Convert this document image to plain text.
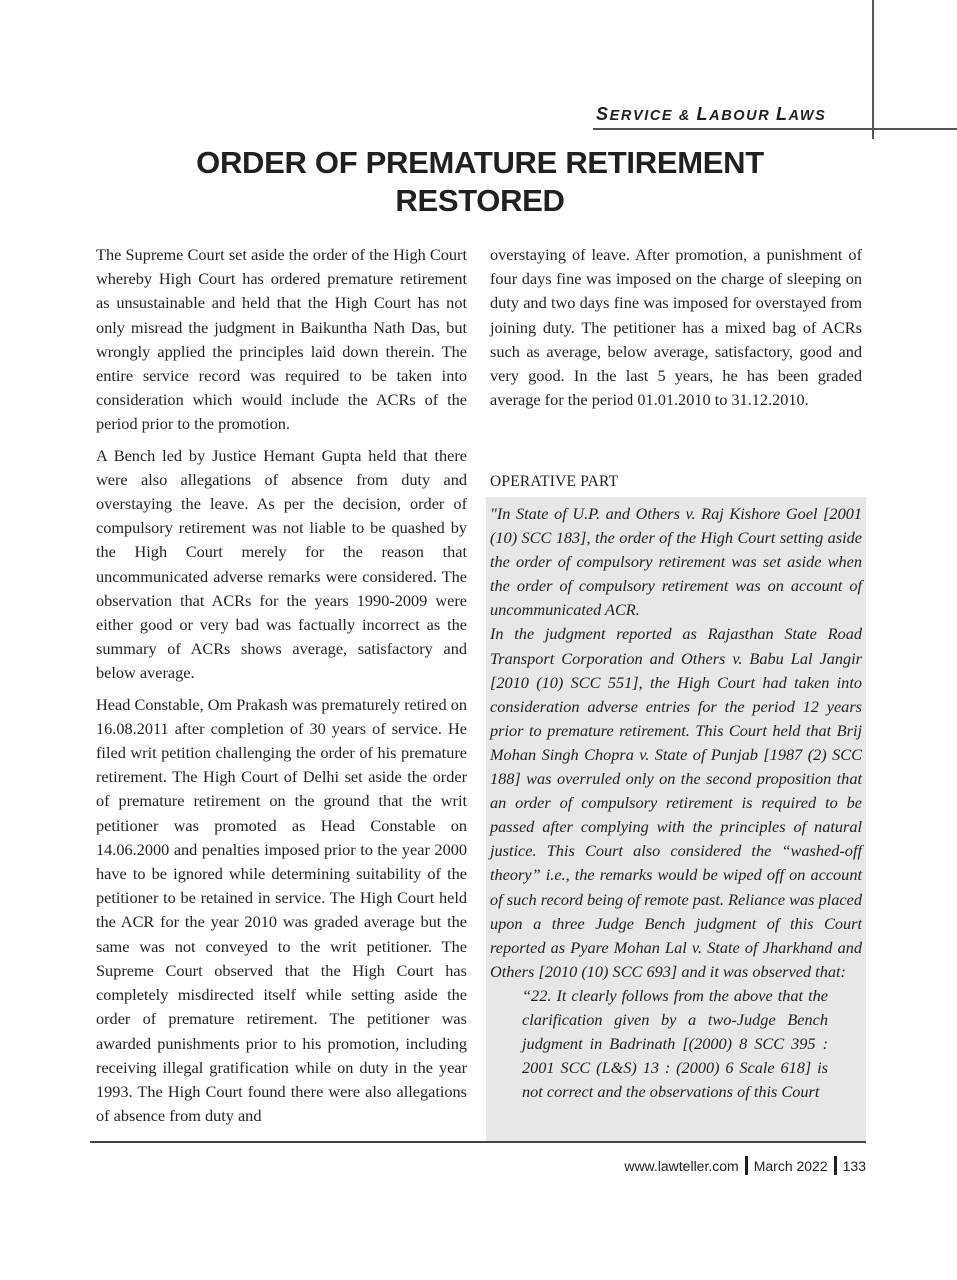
SERVICE & LABOUR LAWS
ORDER OF PREMATURE RETIREMENT
RESTORED

The Supreme Court set aside the order of the High Court whereby High Court has ordered premature retirement as unsustainable and held that the High Court has not only misread the judgment in Baikuntha Nath Das, but wrongly applied the principles laid down therein. The entire service record was required to be taken into consideration which would include the ACRs of the period prior to the promotion.

A Bench led by Justice Hemant Gupta held that there were also allegations of absence from duty and overstaying the leave. As per the decision, order of compulsory retirement was not liable to be quashed by the High Court merely for the reason that uncommunicated adverse remarks were considered. The observation that ACRs for the years 1990-2009 were either good or very bad was factually incorrect as the summary of ACRs shows average, satisfactory and below average.

Head Constable, Om Prakash was prematurely retired on 16.08.2011 after completion of 30 years of service. He filed writ petition challenging the order of his premature retirement. The High Court of Delhi set aside the order of premature retirement on the ground that the writ petitioner was promoted as Head Constable on 14.06.2000 and penalties imposed prior to the year 2000 have to be ignored while determining suitability of the petitioner to be retained in service. The High Court held the ACR for the year 2010 was graded average but the same was not conveyed to the writ petitioner. The Supreme Court observed that the High Court has completely misdirected itself while setting aside the order of premature retirement. The petitioner was awarded punishments prior to his promotion, including receiving illegal gratification while on duty in the year 1993. The High Court found there were also allegations of absence from duty and

overstaying of leave. After promotion, a punishment of four days fine was imposed on the charge of sleeping on duty and two days fine was imposed for overstayed from joining duty. The petitioner has a mixed bag of ACRs such as average, below average, satisfactory, good and very good. In the last 5 years, he has been graded average for the period 01.01.2010 to 31.12.2010.

OPERATIVE PART

"In State of U.P. and Others v. Raj Kishore Goel [2001 (10) SCC 183], the order of the High Court setting aside the order of compulsory retirement was set aside when the order of compulsory retirement was on account of uncommunicated ACR.

In the judgment reported as Rajasthan State Road Transport Corporation and Others v. Babu Lal Jangir [2010 (10) SCC 551], the High Court had taken into consideration adverse entries for the period 12 years prior to premature retirement. This Court held that Brij Mohan Singh Chopra v. State of Punjab [1987 (2) SCC 188] was overruled only on the second proposition that an order of compulsory retirement is required to be passed after complying with the principles of natural justice. This Court also considered the “washed-off theory” i.e., the remarks would be wiped off on account of such record being of remote past. Reliance was placed upon a three Judge Bench judgment of this Court reported as Pyare Mohan Lal v. State of Jharkhand and Others [2010 (10) SCC 693] and it was observed that:

“22. It clearly follows from the above that the clarification given by a two-Judge Bench judgment in Badrinath [(2000) 8 SCC 395 : 2001 SCC (L&S) 13 : (2000) 6 Scale 618] is not correct and the observations of this Court

www.lawteller.com March 2022 133
